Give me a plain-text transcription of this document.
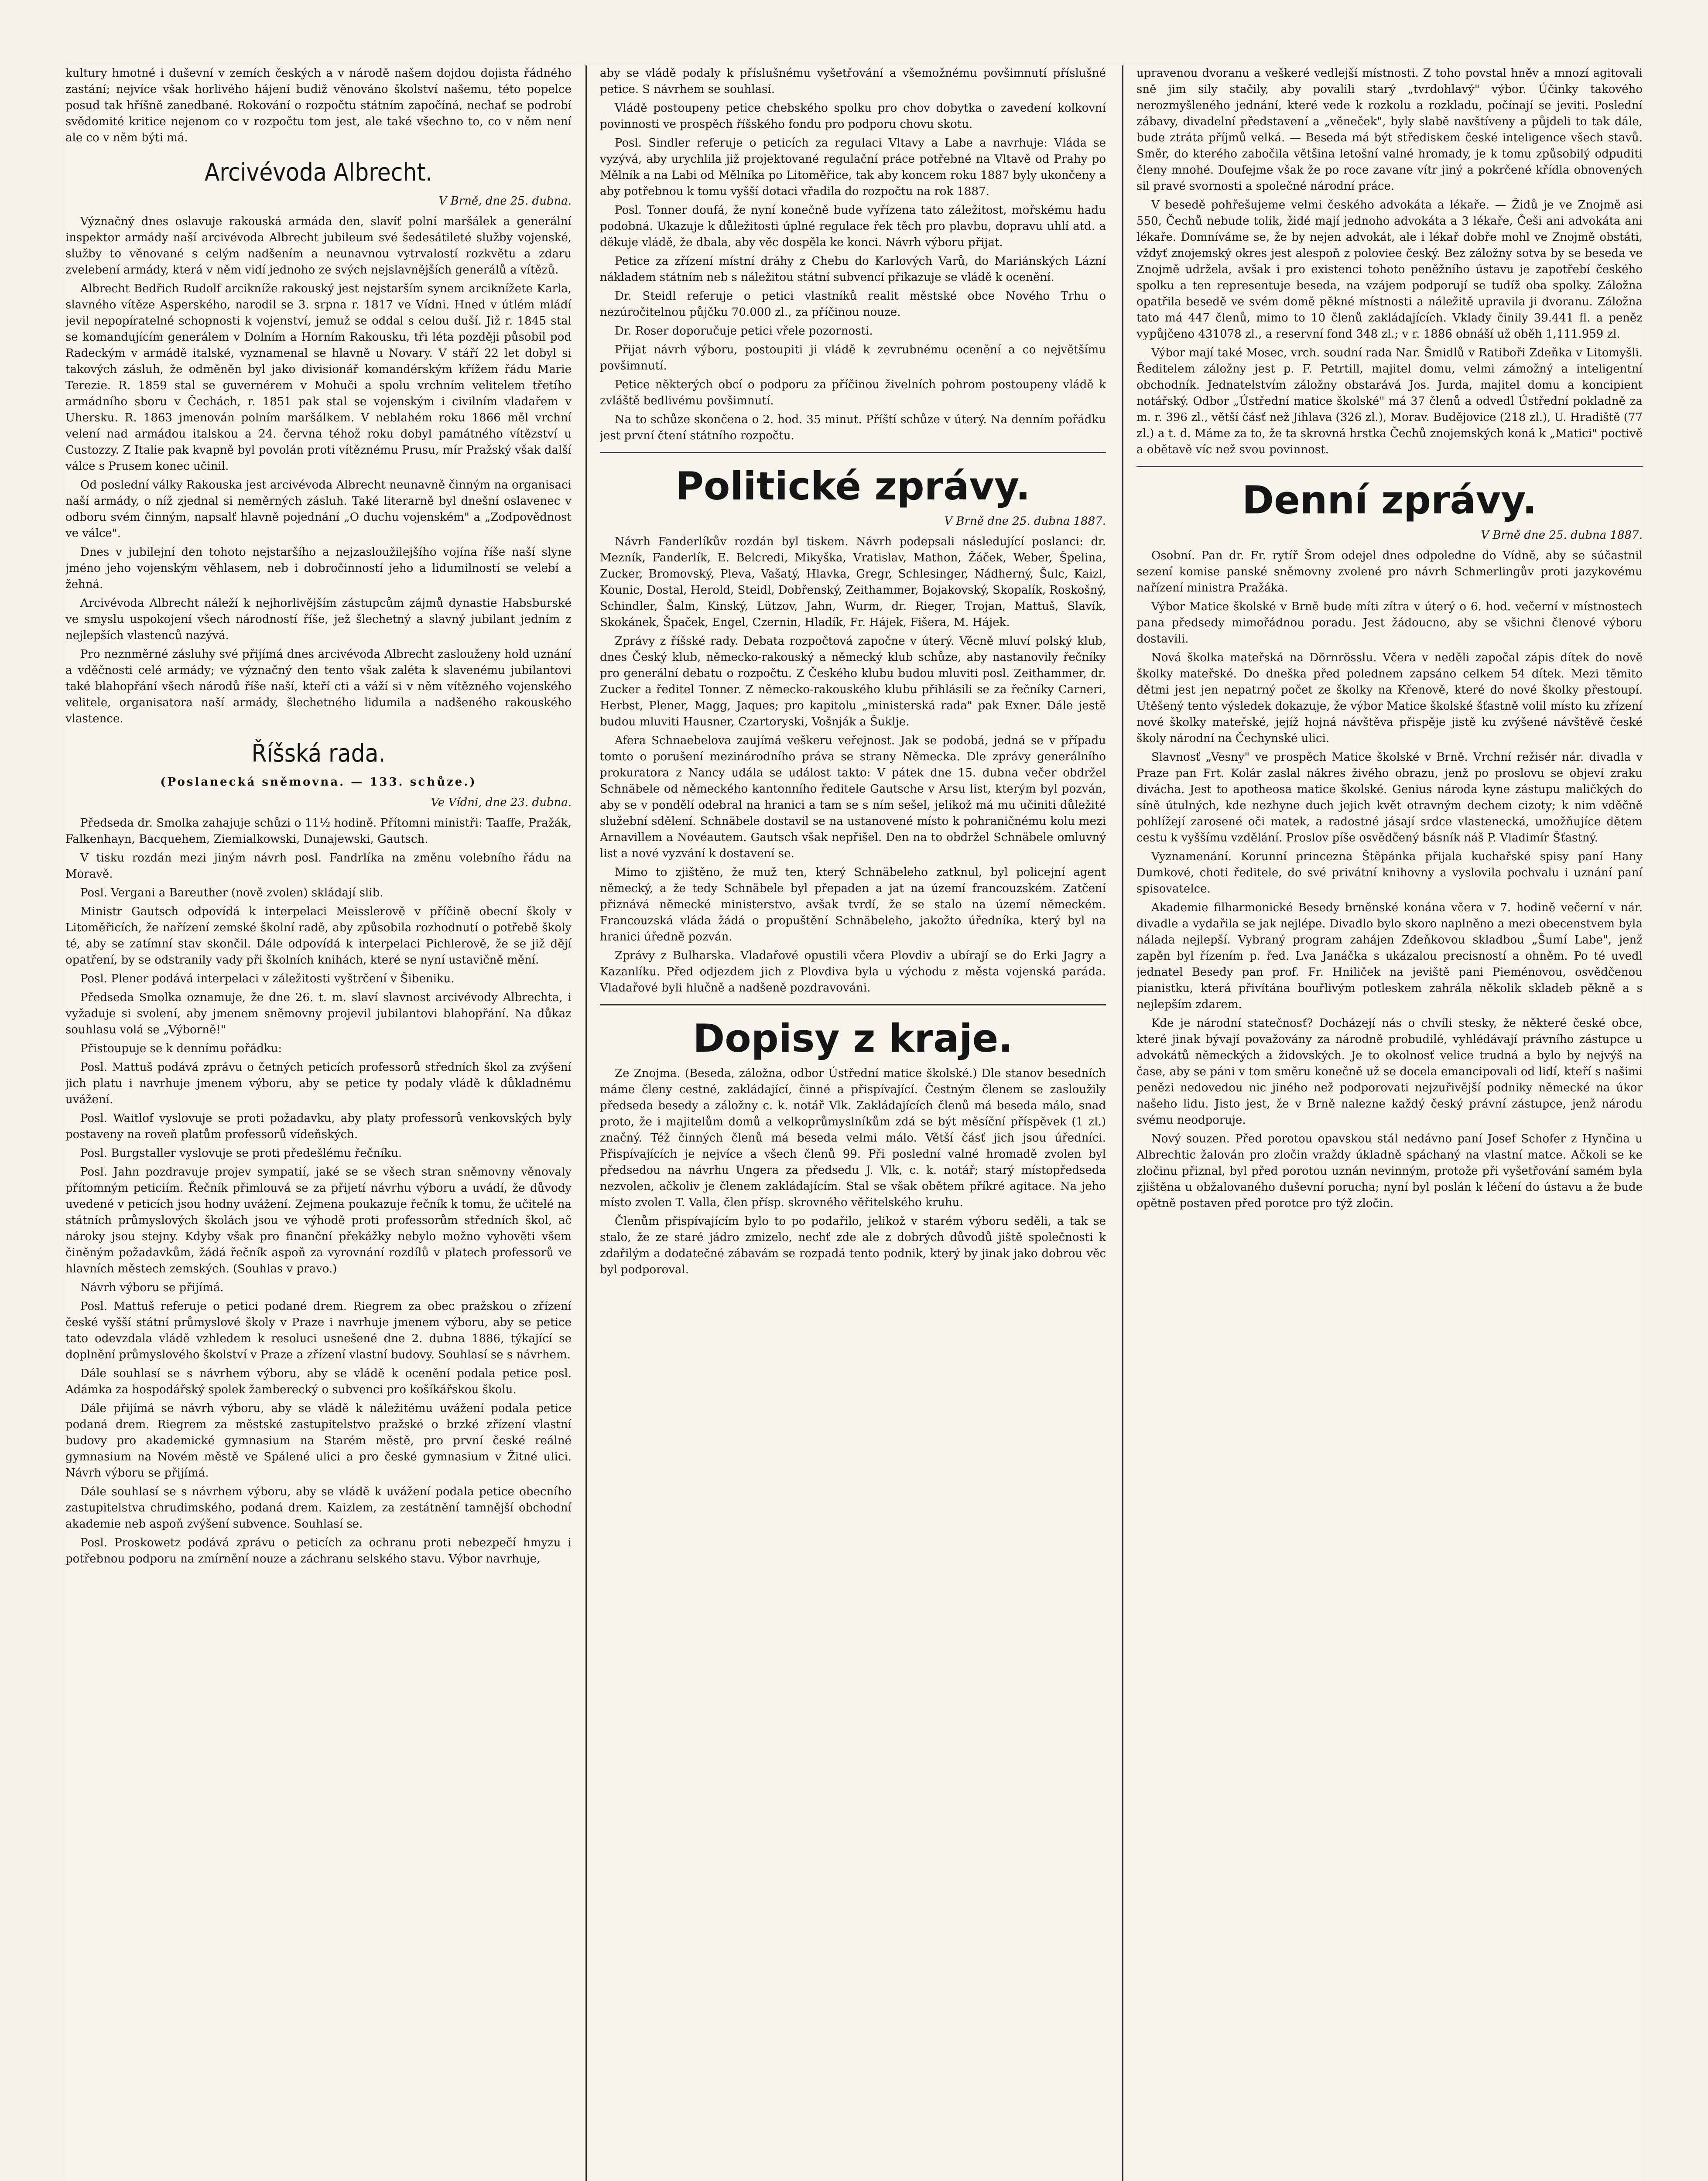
kultury hmotné i duševní v zemích českých a v národě našem dojdou dojista řádného zastání; nejvíce však horlivého hájení budiž věnováno školství našemu, této popelce posud tak hříšně zanedbané. Rokování o rozpočtu státním započíná, nechať se podrobí svědomité kritice nejenom co v rozpočtu tom jest, ale také všechno to, co v něm není ale co v něm býti má.

Arcivévoda Albrecht.
V Brně, dne 25. dubna.

Význačný dnes oslavuje rakouská armáda den, slavíť polní maršálek a generální inspektor armády naší arcivévoda Albrecht jubileum své šedesátileté služby vojenské, služby to věnované s celým nadšením a neunavnou vytrvalostí rozkvětu a zdaru zvelebení armády, která v něm vidí jednoho ze svých nejslavnějších generálů a vítězů.

Albrecht Bedřich Rudolf arcikníže rakouský jest nejstarším synem arciknížete Karla, slavného vítěze Asperského, narodil se 3. srpna r. 1817 ve Vídni. Hned v útlém mládí jevil nepopíratelné schopnosti k vojenství, jemuž se oddal s celou duší. Již r. 1845 stal se komandujícím generálem v Dolním a Horním Rakousku, tři léta později působil pod Radeckým v armádě italské, vyznamenal se hlavně u Novary. V stáří 22 let dobyl si takových zásluh, že odměněn byl jako divisionář komandérským křížem řádu Marie Terezie. R. 1859 stal se guvernérem v Mohuči a spolu vrchním velitelem třetího armádního sboru v Čechách, r. 1851 pak stal se vojenským i civilním vladařem v Uhersku. R. 1863 jmenován polním maršálkem. V neblahém roku 1866 měl vrchní velení nad armádou italskou a 24. června téhož roku dobyl památného vítězství u Custozzy. Z Italie pak kvapně byl povolán proti vítěznému Prusu, mír Pražský však další válce s Prusem konec učinil.

Od poslední války Rakouska jest arcivévoda Albrecht neunavně činným na organisaci naší armády, o níž zjednal si neměrných zásluh. Také literarně byl dnešní oslavenec v odboru svém činným, napsalť hlavně pojednání „O duchu vojenském" a „Zodpovědnost ve válce".

Dnes v jubilejní den tohoto nejstaršího a nejzasloužilejšího vojína říše naší slyne jméno jeho vojenským věhlasem, neb i dobročinností jeho a lidumilností se velebí a žehná.

Arcivévoda Albrecht náleží k nejhorlivějším zástupcům zájmů dynastie Habsburské ve smyslu uspokojení všech národností říše, jež šlechetný a slavný jubilant jedním z nejlepších vlastenců nazývá.

Pro neznměrné zásluhy své přijímá dnes arcivévoda Albrecht zaslouženy hold uznání a vděčnosti celé armády; ve význačný den tento však zaléta k slavenému jubilantovi také blahopřání všech národů říše naší, kteří cti a váží si v něm vítězného vojenského velitele, organisatora naší armády, šlechetného lidumila a nadšeného rakouského vlastence.

Říšská rada.
(Poslanecká sněmovna. — 133. schůze.)
Ve Vídni, dne 23. dubna.

Předseda dr. Smolka zahajuje schůzi o 11½ hodině. Přítomni ministři: Taaffe, Pražák, Falkenhayn, Bacquehem, Ziemialkowski, Dunajewski, Gautsch.

V tisku rozdán mezi jiným návrh posl. Fandrlíka na změnu volebního řádu na Moravě.

Posl. Vergani a Bareuther (nově zvolen) skládají slib.

Ministr Gautsch odpovídá k interpelaci Meisslerově v příčině obecní školy v Litoměřicích, že nařízení zemské školní radě, aby způsobila rozhodnutí o potřebě školy té, aby se zatímní stav skončil. Dále odpovídá k interpelaci Pichlerově, že se již dějí opatření, by se odstranily vady při školních knihách, které se nyní ustavičně mění.

Posl. Plener podává interpelaci v záležitosti vyštrčení v Šibeniku.

Předseda Smolka oznamuje, že dne 26. t. m. slaví slavnost arcivévody Albrechta, i vyžaduje si svolení, aby jmenem sněmovny projevil jubilantovi blahopřání. Na důkaz souhlasu volá se „Výborně!"

Přistoupuje se k dennímu pořádku:

Posl. Mattuš podává zprávu o četných peticích professorů středních škol za zvýšení jich platu i navrhuje jmenem výboru, aby se petice ty podaly vládě k důkladnému uvážení.

Posl. Waitlof vyslovuje se proti požadavku, aby platy professorů venkovských byly postaveny na roveň platům professorů vídeňských.

Posl. Burgstaller vyslovuje se proti předešlému řečníku.

Posl. Jahn pozdravuje projev sympatií, jaké se se všech stran sněmovny věnovaly přítomným peticiím. Řečník přimlouvá se za přijetí návrhu výboru a uvádí, že důvody uvedené v peticích jsou hodny uvážení. Zejmena poukazuje řečník k tomu, že učitelé na státních průmyslových školách jsou ve výhodě proti professorům středních škol, ač nároky jsou stejny. Kdyby však pro finanční překážky nebylo možno vyhověti všem činěným požadavkům, žádá řečník aspoň za vyrovnání rozdílů v platech professorů ve hlavních městech zemských. (Souhlas v pravo.)

Návrh výboru se přijímá.

Posl. Mattuš referuje o petici podané drem. Riegrem za obec pražskou o zřízení české vyšší státní průmyslové školy v Praze i navrhuje jmenem výboru, aby se petice tato odevzdala vládě vzhledem k resoluci usnešené dne 2. dubna 1886, týkající se doplnění průmyslového školství v Praze a zřízení vlastní budovy. Souhlasí se s návrhem.

Dále souhlasí se s návrhem výboru, aby se vládě k ocenění podala petice posl. Adámka za hospodářský spolek žamberecký o subvenci pro košíkářskou školu.

Dále přijímá se návrh výboru, aby se vládě k náležitému uvážení podala petice podaná drem. Riegrem za městské zastupitelstvo pražské o brzké zřízení vlastní budovy pro akademické gymnasium na Starém městě, pro první české reálné gymnasium na Novém městě ve Spálené ulici a pro české gymnasium v Žitné ulici. Návrh výboru se přijímá.

Dále souhlasí se s návrhem výboru, aby se vládě k uvážení podala petice obecního zastupitelstva chrudimského, podaná drem. Kaizlem, za zestátnění tamnější obchodní akademie neb aspoň zvýšení subvence. Souhlasí se.

Posl. Proskowetz podává zprávu o peticích za ochranu proti nebezpečí hmyzu i potřebnou podporu na zmírnění nouze a záchranu selského stavu. Výbor navrhuje,

aby se vládě podaly k příslušnému vyšetřování a všemožnému povšimnutí příslušné petice. S návrhem se souhlasí.

Vládě postoupeny petice chebského spolku pro chov dobytka o zavedení kolkovní povinnosti ve prospěch říšského fondu pro podporu chovu skotu.

Posl. Sindler referuje o peticích za regulaci Vltavy a Labe a navrhuje: Vláda se vyzývá, aby urychlila již projektované regulační práce potřebné na Vltavě od Prahy po Mělník a na Labi od Mělníka po Litoměřice, tak aby koncem roku 1887 byly ukončeny a aby potřebnou k tomu vyšší dotaci vřadila do rozpočtu na rok 1887.

Posl. Tonner doufá, že nyní konečně bude vyřízena tato záležitost, mořskému hadu podobná. Ukazuje k důležitosti úplné regulace řek těch pro plavbu, dopravu uhlí atd. a děkuje vládě, že dbala, aby věc dospěla ke konci. Návrh výboru přijat.

Petice za zřízení místní dráhy z Chebu do Karlových Varů, do Mariánských Lázní nákladem státním neb s náležitou státní subvencí přikazuje se vládě k ocenění.

Dr. Steidl referuje o petici vlastníků realit městské obce Nového Trhu o nezúročitelnou půjčku 70.000 zl., za příčinou nouze.

Dr. Roser doporučuje petici vřele pozornosti.

Přijat návrh výboru, postoupiti ji vládě k zevrubnému ocenění a co největšímu povšimnutí.

Petice některých obcí o podporu za příčinou živelních pohrom postoupeny vládě k zvláště bedlivému povšimnutí.

Na to schůze skončena o 2. hod. 35 minut. Příští schůze v úterý. Na denním pořádku jest první čtení státního rozpočtu.

Politické zprávy.
V Brně dne 25. dubna 1887.

Návrh Fanderlíkův rozdán byl tiskem. Návrh podepsali následující poslanci: dr. Mezník, Fanderlík, E. Belcredi, Mikyška, Vratislav, Mathon, Žáček, Weber, Špelina, Zucker, Bromovský, Pleva, Vašatý, Hlavka, Gregr, Schlesinger, Nádherný, Šulc, Kaizl, Kounic, Dostal, Herold, Steidl, Dobřenský, Zeithammer, Bojakovský, Skopalík, Roskošný, Schindler, Šalm, Kinský, Lützov, Jahn, Wurm, dr. Rieger, Trojan, Mattuš, Slavík, Skokánek, Špaček, Engel, Czernin, Hladík, Fr. Hájek, Fišera, M. Hájek.

Zprávy z říšské rady. Debata rozpočtová započne v úterý. Věcně mluví polský klub, dnes Český klub, německo-rakouský a německý klub schůze, aby nastanovily řečníky pro generální debatu o rozpočtu. Z Českého klubu budou mluviti posl. Zeithammer, dr. Zucker a ředitel Tonner. Z německo-rakouského klubu přihlásili se za řečníky Carneri, Herbst, Plener, Magg, Jaques; pro kapitolu „ministerská rada" pak Exner. Dále jestě budou mluviti Hausner, Czartoryski, Vošnják a Šuklje.

Afera Schnaebelova zaujímá veškeru veřejnost. Jak se podobá, jedná se v případu tomto o porušení mezinárodního práva se strany Německa. Dle zprávy generálního prokuratora z Nancy udála se událost takto: V pátek dne 15. dubna večer obdržel Schnäbele od německého kantonního ředitele Gautsche v Arsu list, kterým byl pozván, aby se v pondělí odebral na hranici a tam se s ním sešel, jelikož má mu učiniti důležité služební sdělení. Schnäbele dostavil se na ustanovené místo k pohraničnému kolu mezi Arnavillem a Novéautem. Gautsch však nepřišel. Den na to obdržel Schnäbele omluvný list a nové vyzvání k dostavení se.

Mimo to zjištěno, že muž ten, který Schnäbeleho zatknul, byl policejní agent německý, a že tedy Schnäbele byl přepaden a jat na území francouzském. Zatčení přiznává německé ministerstvo, avšak tvrdí, že se stalo na území německém. Francouzská vláda žádá o propuštění Schnäbeleho, jakožto úředníka, který byl na hranici úředně pozván.

Zprávy z Bulharska. Vladařové opustili včera Plovdiv a ubírají se do Erki Jagry a Kazanlíku. Před odjezdem jich z Plovdiva byla u východu z města vojenská paráda. Vladařové byli hlučně a nadšeně pozdravováni.

Dopisy z kraje.

Ze Znojma. (Beseda, záložna, odbor Ústřední matice školské.) Dle stanov besedních máme členy cestné, zakládající, činné a přispívající. Čestným členem se zasloužily předseda besedy a záložny c. k. notář Vlk. Zakládajících členů má beseda málo, snad proto, že i majitelům domů a velkoprůmyslníkům zdá se být měsíční příspěvek (1 zl.) značný. Též činných členů má beseda velmi málo. Větší čásť jich jsou úředníci. Přispívajících je nejvíce a všech členů 99. Při poslední valné hromadě zvolen byl předsedou na návrhu Ungera za předsedu J. Vlk, c. k. notář; starý místopředseda nezvolen, ačkoliv je členem zakládajícím. Stal se však obětem příkré agitace. Na jeho místo zvolen T. Valla, člen přísp. skrovného věřitelského kruhu.

Členům přispívajícím bylo to po podařilo, jelikož v starém výboru seděli, a tak se stalo, že ze staré jádro zmizelo, nechť zde ale z dobrých důvodů jiště společnosti k zdařilým a dodatečné zábavám se rozpadá tento podnik, který by jinak jako dobrou věc byl podporoval.

upravenou dvoranu a veškeré vedlejší místnosti. Z toho povstal hněv a mnozí agitovali sně jim sily stačily, aby povalili starý „tvrdohlavý" výbor. Účinky takového nerozmyšleného jednání, které vede k rozkolu a rozkladu, počínají se jeviti. Poslední zábavy, divadelní představení a „věneček", byly slabě navštíveny a půjdeli to tak dále, bude ztráta příjmů velká. — Beseda má být střediskem české inteligence všech stavů. Směr, do kterého zabočila většina letošní valné hromady, je k tomu způsobilý odpuditi členy mnohé. Doufejme však že po roce zavane vítr jiný a pokrčené křídla obnovených sil pravé svornosti a společné národní práce.

V besedě pohřešujeme velmi českého advokáta a lékaře. — Židů je ve Znojmě asi 550, Čechů nebude tolik, židé mají jednoho advokáta a 3 lékaře, Češi ani advokáta ani lékaře. Domníváme se, že by nejen advokát, ale i lékař dobře mohl ve Znojmě obstáti, vždyť znojemský okres jest alespoň z poloviee český. Bez záložny sotva by se beseda ve Znojmě udržela, avšak i pro existenci tohoto peněžního ústavu je zapotřebí českého spolku a ten representuje beseda, na vzájem podporují se tudíž oba spolky. Záložna opatřila besedě ve svém domě pěkné místnosti a náležitě upravila ji dvoranu. Záložna tato má 447 členů, mimo to 10 členů zakládajících. Vklady činily 39.441 fl. a peněz vypůjčeno 431078 zl., a reservní fond 348 zl.; v r. 1886 obnáší už oběh 1,111.959 zl.

Výbor mají také Mosec, vrch. soudní rada Nar. Šmidlů v Ratiboři Zdeňka v Litomyšli. Ředitelem záložny jest p. F. Petrtill, majitel domu, velmi zámožný a inteligentní obchodník. Jednatelstvím záložny obstarává Jos. Jurda, majitel domu a koncipient notářský. Odbor „Ústřední matice školské" má 37 členů a odvedl Ústřední pokladně za m. r. 396 zl., větší čásť než Jihlava (326 zl.), Morav. Budějovice (218 zl.), U. Hradiště (77 zl.) a t. d. Máme za to, že ta skrovná hrstka Čechů znojemských koná k „Matici" poctivě a obětavě víc než svou povinnost.

Denní zprávy.
V Brně dne 25. dubna 1887.

Osobní. Pan dr. Fr. rytíř Šrom odejel dnes odpoledne do Vídně, aby se súčastnil sezení komise panské sněmovny zvolené pro návrh Schmerlingův proti jazykovému nařízení ministra Pražáka.

Výbor Matice školské v Brně bude míti zítra v úterý o 6. hod. večerní v místnostech pana předsedy mimořádnou poradu. Jest žádoucno, aby se všichni členové výboru dostavili.

Nová školka mateřská na Dörnrösslu. Včera v neděli započal zápis dítek do nově školky mateřské. Do dneška před polednem zapsáno celkem 54 dítek. Mezi těmito dětmi jest jen nepatrný počet ze školky na Křenově, které do nové školky přestoupí. Utěšený tento výsledek dokazuje, že výbor Matice školské šťastně volil místo ku zřízení nové školky mateřské, jejíž hojná návštěva přispěje jistě ku zvýšené návštěvě české školy národní na Čechynské ulici.

Slavnosť „Vesny" ve prospěch Matice školské v Brně. Vrchní režisér nár. divadla v Praze pan Frt. Kolár zaslal nákres živého obrazu, jenž po proslovu se objeví zraku divácha. Jest to apotheosa matice školské. Genius národa kyne zástupu maličkých do síně útulných, kde nezhyne duch jejich květ otravným dechem cizoty; k nim vděčně pohlížejí zarosené oči matek, a radostné jásají srdce vlastenecká, umožňujíce dětem cestu k vyššímu vzdělání. Proslov píše osvědčený básník náš P. Vladimír Šťastný.

Vyznamenání. Korunní princezna Štěpánka přijala kuchařské spisy paní Hany Dumkové, choti ředitele, do své privátní knihovny a vyslovila pochvalu i uznání paní spisovatelce.

Akademie filharmonické Besedy brněnské konána včera v 7. hodině večerní v nár. divadle a vydařila se jak nejlépe. Divadlo bylo skoro naplněno a mezi obecenstvem byla nálada nejlepší. Vybraný program zahájen Zdeňkovou skladbou „Šumí Labe", jenž zapěn byl řízením p. řed. Lva Janáčka s ukázalou precisností a ohněm. Po té uvedl jednatel Besedy pan prof. Fr. Hniliček na jeviště pani Pieménovou, osvědčenou pianistku, která přivítána bouřlivým potleskem zahrála několik skladeb pěkně a s nejlepším zdarem.

Kde je národní statečnosť? Docházejí nás o chvíli stesky, že některé české obce, které jinak bývají považovány za národně probudilé, vyhlédávají právního zástupce u advokátů německých a židovských. Je to okolnosť velice trudná a bylo by nejvýš na čase, aby se páni v tom směru konečně už se docela emancipovali od lidí, kteří s našimi penězi nedovedou nic jiného než podporovati nejzuřivější podniky německé na úkor našeho lidu. Jisto jest, že v Brně nalezne každý český právní zástupce, jenž národu svému neodporuje.

Nový souzen. Před porotou opavskou stál nedávno paní Josef Schofer z Hynčina u Albrechtic žalován pro zločin vraždy úkladně spáchaný na vlastní matce. Ačkoli se ke zločinu přiznal, byl před porotou uznán nevinným, protože při vyšetřování samém byla zjištěna u obžalovaného duševní porucha; nyní byl poslán k léčení do ústavu a že bude opětně postaven před porotce pro týž zločin.
